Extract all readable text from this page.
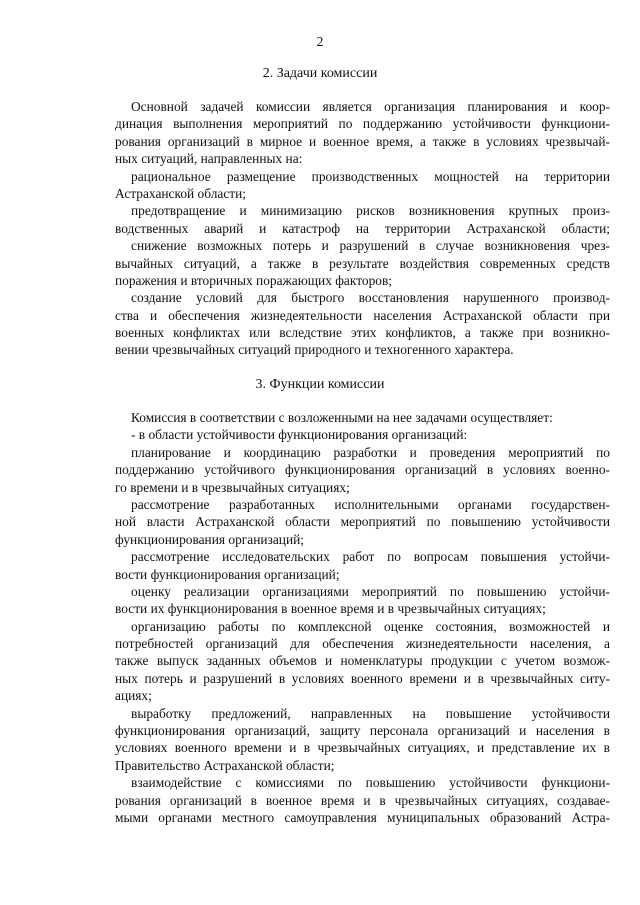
2
2. Задачи комиссии
Основной задачей комиссии является организация планирования и коор-
динация выполнения мероприятий по поддержанию устойчивости функциони-
рования организаций в мирное и военное время, а также в условиях чрезвычай-
ных ситуаций, направленных на:
рациональное размещение производственных мощностей на территории
Астраханской области;
предотвращение и минимизацию рисков возникновения крупных произ-
водственных аварий и катастроф на территории Астраханской области;
снижение возможных потерь и разрушений в случае возникновения чрез-
вычайных ситуаций, а также в результате воздействия современных средств
поражения и вторичных поражающих факторов;
создание условий для быстрого восстановления нарушенного производ-
ства и обеспечения жизнедеятельности населения Астраханской области при
военных конфликтах или вследствие этих конфликтов, а также при возникно-
вении чрезвычайных ситуаций природного и техногенного характера.
3. Функции комиссии
Комиссия в соответствии с возложенными на нее задачами осуществляет:
- в области устойчивости функционирования организаций:
планирование и координацию разработки и проведения мероприятий по
поддержанию устойчивого функционирования организаций в условиях военно-
го времени и в чрезвычайных ситуациях;
рассмотрение разработанных исполнительными органами государствен-
ной власти Астраханской области мероприятий по повышению устойчивости
функционирования организаций;
рассмотрение исследовательских работ по вопросам повышения устойчи-
вости функционирования организаций;
оценку реализации организациями мероприятий по повышению устойчи-
вости их функционирования в военное время и в чрезвычайных ситуациях;
организацию работы по комплексной оценке состояния, возможностей и
потребностей организаций для обеспечения жизнедеятельности населения, а
также выпуск заданных объемов и номенклатуры продукции с учетом возмож-
ных потерь и разрушений в условиях военного времени и в чрезвычайных ситу-
ациях;
выработку предложений, направленных на повышение устойчивости
функционирования организаций, защиту персонала организаций и населения в
условиях военного времени и в чрезвычайных ситуациях, и представление их в
Правительство Астраханской области;
взаимодействие с комиссиями по повышению устойчивости функциони-
рования организаций в военное время и в чрезвычайных ситуациях, создавае-
мыми органами местного самоуправления муниципальных образований Астра-
